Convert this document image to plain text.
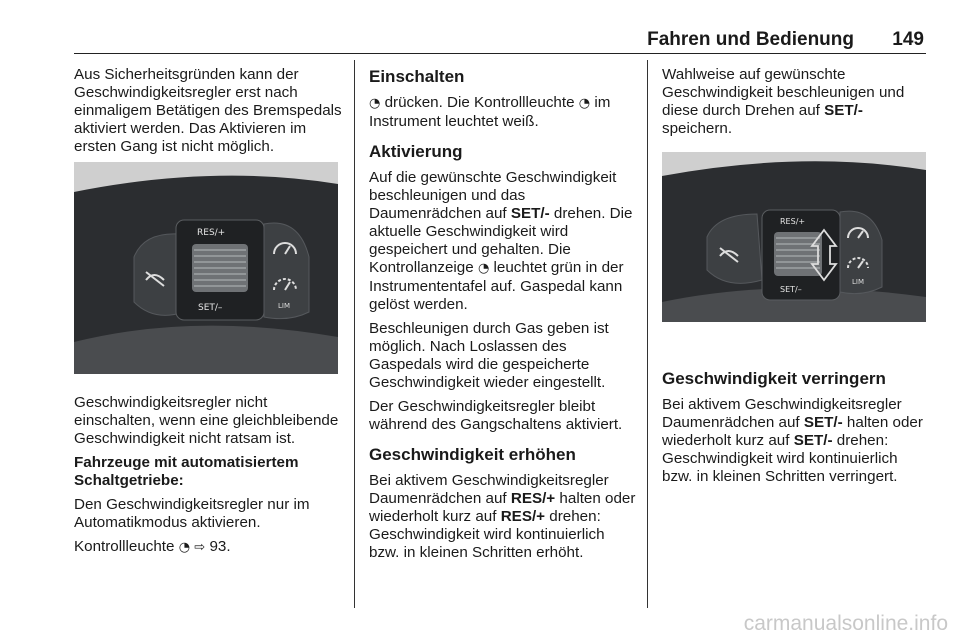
Fahren und Bedienung 149

Aus Sicherheitsgründen kann der Geschwindigkeitsregler erst nach einmaligem Betätigen des Bremspedals aktiviert werden. Das Aktivieren im ersten Gang ist nicht möglich.

RES/+
SET/–	LIM

Geschwindigkeitsregler nicht einschalten, wenn eine gleichbleibende Geschwindigkeit nicht ratsam ist.

Fahrzeuge mit automatisiertem Schaltgetriebe:

Den Geschwindigkeitsregler nur im Automatikmodus aktivieren.

Kontrollleuchte ◔ ⇨ 93.

Einschalten

◔ drücken. Die Kontrollleuchte ◔ im Instrument leuchtet weiß.

Aktivierung

Auf die gewünschte Geschwindigkeit beschleunigen und das Daumenrädchen auf SET/- drehen. Die aktuelle Geschwindigkeit wird gespeichert und gehalten. Die Kontrollanzeige ◔ leuchtet grün in der Instrumententafel auf. Gaspedal kann gelöst werden.

Beschleunigen durch Gas geben ist möglich. Nach Loslassen des Gaspedals wird die gespeicherte Geschwindigkeit wieder eingestellt.

Der Geschwindigkeitsregler bleibt während des Gangschaltens aktiviert.

Geschwindigkeit erhöhen

Bei aktivem Geschwindigkeitsregler Daumenrädchen auf RES/+ halten oder wiederholt kurz auf RES/+ drehen: Geschwindigkeit wird kontinuierlich bzw. in kleinen Schritten erhöht.

Wahlweise auf gewünschte Geschwindigkeit beschleunigen und diese durch Drehen auf SET/- speichern.

RES/+
SET/–
LIM
Geschwindigkeit verringern

Bei aktivem Geschwindigkeitsregler Daumenrädchen auf SET/- halten oder wiederholt kurz auf SET/- drehen: Geschwindigkeit wird kontinuierlich bzw. in kleinen Schritten verringert.

carmanualsonline.info
